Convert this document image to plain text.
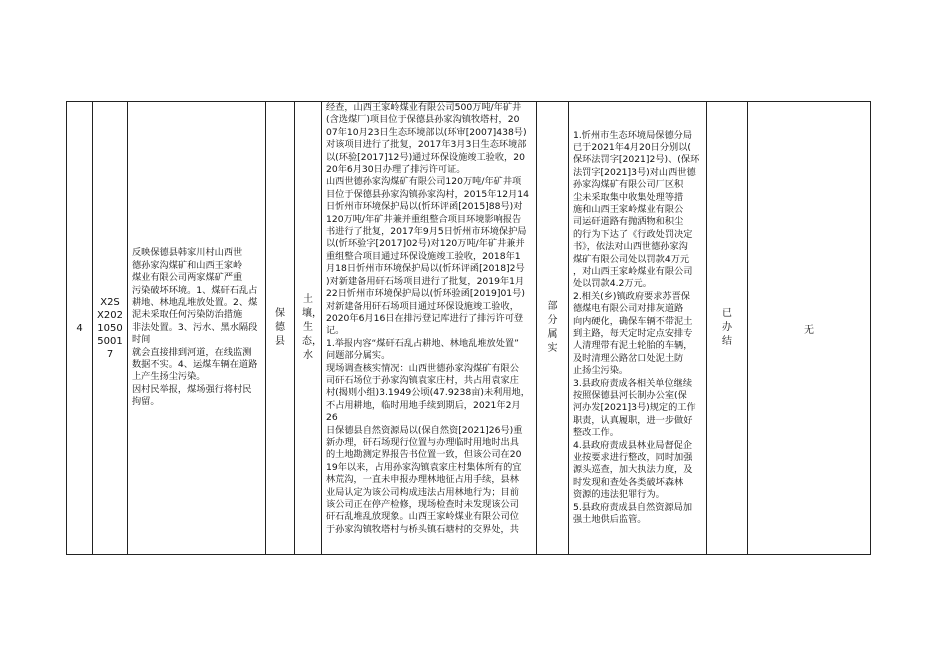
4	X2SX202105050017	
反映保德县韩家川村山西世
德孙家沟煤矿和山西王家岭
煤业有限公司两家煤矿严重
污染破坏环境。1、煤矸石乱占
耕地、林地乱堆放处置。2、煤
泥未采取任何污染防治措施
非法处置。3、污水、黑水隔段
时间
就会直接排到河道，在线监测
数据不实。4、运煤车辆在道路
上产生扬尘污染。
因村民举报，煤场强行将村民
拘留。
	保德县	土壤，生态，水	
经查，山西王家岭煤业有限公司500万吨/年矿井
(含选煤厂)项目位于保德县孙家沟镇牧塔村，20
07年10月23日生态环境部以(环审[2007]438号)
对该项目进行了批复，2017年3月3日生态环境部
以(环验[2017]12号)通过环保设施竣工验收，20
20年6月30日办理了排污许可证。
山西世德孙家沟煤矿有限公司120万吨/年矿井项
目位于保德县孙家沟镇孙家沟村，2015年12月14
日忻州市环境保护局以(忻环评函[2015]88号)对
120万吨/年矿井兼并重组整合项目环境影响报告
书进行了批复，2017年9月5日忻州市环境保护局
以(忻环验字[2017]02号)对120万吨/年矿井兼并
重组整合项目通过环保设施竣工验收，2018年1
月18日忻州市环境保护局以(忻环评函[2018]2号
)对新建备用矸石场项目进行了批复，2019年1月
22日忻州市环境保护局以(忻环验函[2019]01号)
对新建备用矸石场项目通过环保设施竣工验收，
2020年6月16日在排污登记库进行了排污许可登
记。
1.举报内容“煤矸石乱占耕地、林地乱堆放处置”
问题部分属实。
现场调查核实情况：山西世德孙家沟煤矿有限公
司矸石场位于孙家沟镇袁家庄村，共占用袁家庄
村(揭则小组)3.1949公顷(47.9238亩)未利用地，
不占用耕地，临时用地手续到期后，2021年2月26
日保德县自然资源局以(保自然资[2021]26号)重
新办理，矸石场现行位置与办理临时用地时出具
的土地勘测定界报告书位置一致，但该公司在20
19年以来，占用孙家沟镇袁家庄村集体所有的宜
林荒沟，一直未申报办理林地征占用手续，县林
业局认定为该公司构成违法占用林地行为；目前
该公司正在停产检修，现场检查时未发现该公司
矸石乱堆乱放现象。山西王家岭煤业有限公司位
于孙家沟镇牧塔村与桥头镇石塘村的交界处，共
	部分属实	
1.忻州市生态环境局保德分局
已于2021年4月20日分别以(
保环法罚字[2021]2号)、(保环
法罚字[2021]3号)对山西世德
孙家沟煤矿有限公司厂区积
尘未采取集中收集处理等措
施和山西王家岭煤业有限公
司运矸道路有抛洒物和积尘
的行为下达了《行政处罚决定
书》，依法对山西世德孙家沟
煤矿有限公司处以罚款4万元
，对山西王家岭煤业有限公司
处以罚款4.2万元。
2.相关(乡)镇政府要求苏晋保
德煤电有限公司对排灰道路
向内硬化，确保车辆不带泥土
到主路，每天定时定点安排专
人清理带有泥土轮胎的车辆，
及时清理公路岔口处泥土防
止扬尘污染。
3.县政府责成各相关单位继续
按照保德县河长制办公室(保
河办发[2021]3号)规定的工作
职责，认真履职，进一步做好
整改工作。
4.县政府责成县林业局督促企
业按要求进行整改，同时加强
源头巡查，加大执法力度，及
时发现和查处各类破坏森林
资源的违法犯罪行为。
5.县政府责成县自然资源局加
强土地供后监管。
	已办结	无
